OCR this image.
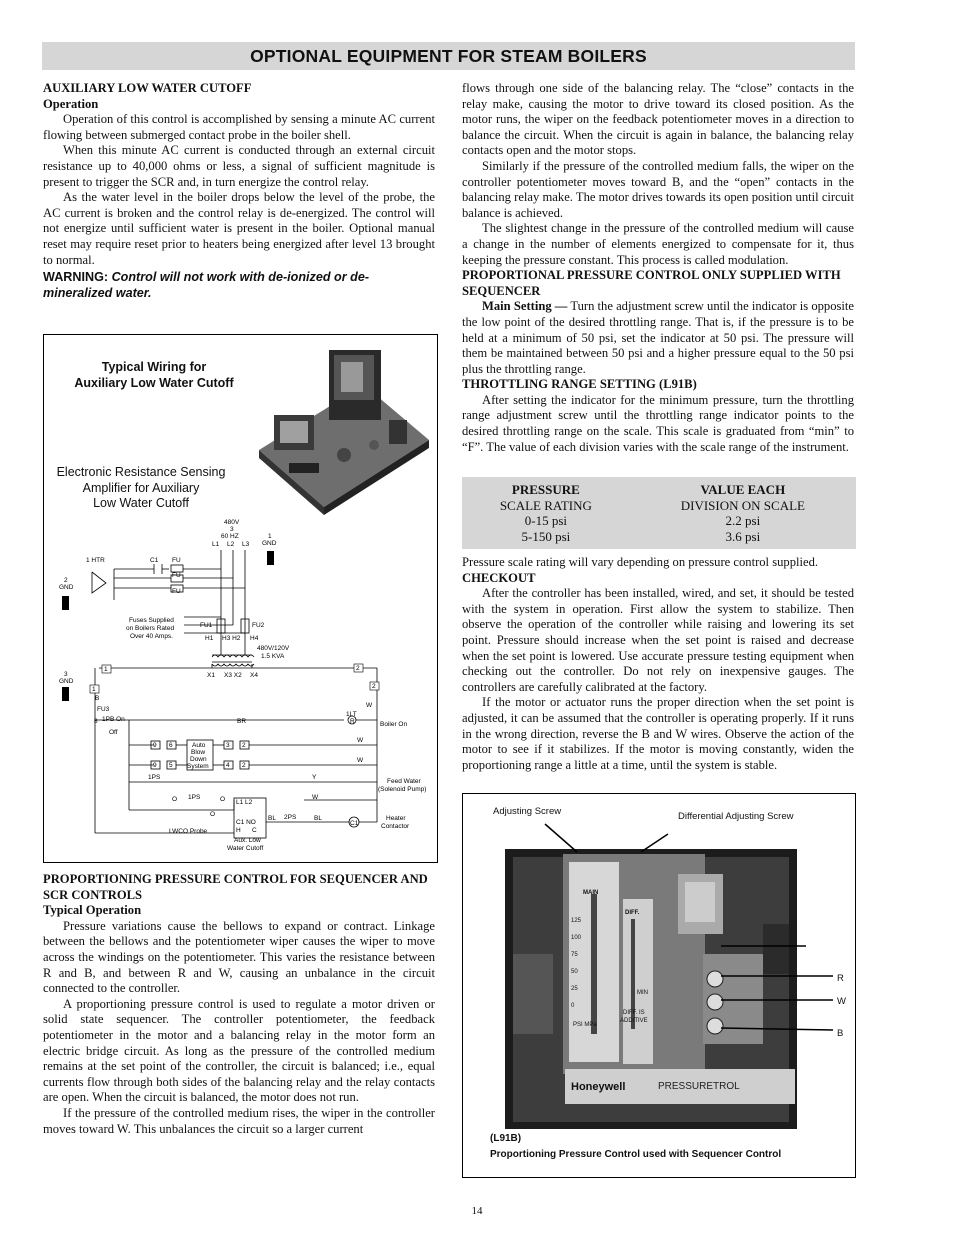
OPTIONAL EQUIPMENT FOR STEAM BOILERS
AUXILIARY LOW WATER CUTOFF
Operation

Operation of this control is accomplished by sensing a minute AC current flowing between submerged contact probe in the boiler shell.

When this minute AC current is conducted through an external circuit resistance up to 40,000 ohms or less, a signal of sufficient magnitude is present to trigger the SCR and, in turn energize the control relay.

As the water level in the boiler drops below the level of the probe, the AC current is broken and the control relay is de-energized. The control will not energize until sufficient water is present in the boiler. Optional manual reset may require reset prior to heaters being energized after level 13 brought to normal.

WARNING: Control will not work with de-ionized or de-mineralized water.
PROPORTIONING PRESSURE CONTROL FOR SEQUENCER AND SCR CONTROLS
Typical Operation

Pressure variations cause the bellows to expand or contract. Linkage between the bellows and the potentiometer wiper causes the wiper to move across the windings on the potentiometer. This varies the resistance between R and B, and between R and W, causing an unbalance in the circuit connected to the controller.

A proportioning pressure control is used to regulate a motor driven or solid state sequencer. The controller potentiometer, the feedback potentiometer in the motor and a balancing relay in the motor form an electric bridge circuit. As long as the pressure of the controlled medium remains at the set point of the controller, the circuit is balanced; i.e., equal currents flow through both sides of the balancing relay and the relay contacts are open. When the circuit is balanced, the motor does not run.

If the pressure of the controlled medium rises, the wiper in the controller moves toward W. This unbalances the circuit so a larger current

Typical Wiring for
Auxiliary Low Water Cutoff
Electronic Resistance Sensing
Amplifier for Auxiliary
Low Water Cutoff
480V
3
60 HZ
L1 L2 L3
1
GND
2
GND
3
GND
1 HTR	C1 FU
FU
FU
Fuses Supplied
on Boilers Rated
Over 40 Amps.
FU1	FU2
H1 H3 H2 H4
480V/120V
1.5 KVA
X1 X3 X2 X4
1	2
1	2
B
FU3
8 1PB On
Off
BR
1LT
R	Boiler On
W
W
W
9 6
9 5
3 2
4 2
Auto
Blow
Down
System
1PS	Y
Feed Water
(Solenoid Pump)
O 1PS	O
O
W
L1 L2
BL 2PS	BL
C1 NO
H C
C1
LWCO Probe
Aux. Low
Water Cutoff
Heater
Contactor

flows through one side of the balancing relay. The “close” contacts in the relay make, causing the motor to drive toward its closed position. As the motor runs, the wiper on the feedback potentiometer moves in a direction to balance the circuit. When the circuit is again in balance, the balancing relay contacts open and the motor stops.

Similarly if the pressure of the controlled medium falls, the wiper on the controller potentiometer moves toward B, and the “open” contacts in the balancing relay make. The motor drives towards its open position until circuit balance is achieved.

The slightest change in the pressure of the controlled medium will cause a change in the number of elements energized to compensate for it, thus keeping the pressure constant. This process is called modulation.

PROPORTIONAL PRESSURE CONTROL ONLY SUPPLIED WITH SEQUENCER

Main Setting — Turn the adjustment screw until the indicator is opposite the low point of the desired throttling range. That is, if the pressure is to be held at a minimum of 50 psi, set the indicator at 50 psi. The pressure will them be maintained between 50 psi and a higher pressure equal to the 50 psi plus the throttling range.

THROTTLING RANGE SETTING (L91B)

After setting the indicator for the minimum pressure, turn the throttling range adjustment screw until the throttling range indicator points to the desired throttling range on the scale. This scale is graduated from “min” to “F”. The value of each division varies with the scale range of the instrument.

PRESSURE	VALUE EACH
SCALE RATING	DIVISION ON SCALE
0-15 psi	2.2 psi
5-150 psi	3.6 psi

Pressure scale rating will vary depending on pressure control supplied.

CHECKOUT

After the controller has been installed, wired, and set, it should be tested with the system in operation. First allow the system to stabilize. Then observe the operation of the controller while raising and lowering its set point. Pressure should increase when the set point is raised and decrease when the set point is lowered. Use accurate pressure testing equipment when checking out the controller. Do not rely on inexpensive gauges. The controllers are carefully calibrated at the factory.

If the motor or actuator runs the proper direction when the set point is adjusted, it can be assumed that the controller is operating properly. If it runs in the wrong direction, reverse the B and W wires. Observe the action of the motor to see if it stabilizes. If the motor is moving constantly, widen the proportioning range a little at a time, until the system is stable.

Adjusting Screw	Differential Adjusting Screw
R
W
B
MAIN
DIFF.
125
100
75
50
25
0
MIN
DIFF. IS
ADDITIVE
PSI MPa
Honeywell	PRESSURETROL
(L91B)
Proportioning Pressure Control used with Sequencer Control
14
